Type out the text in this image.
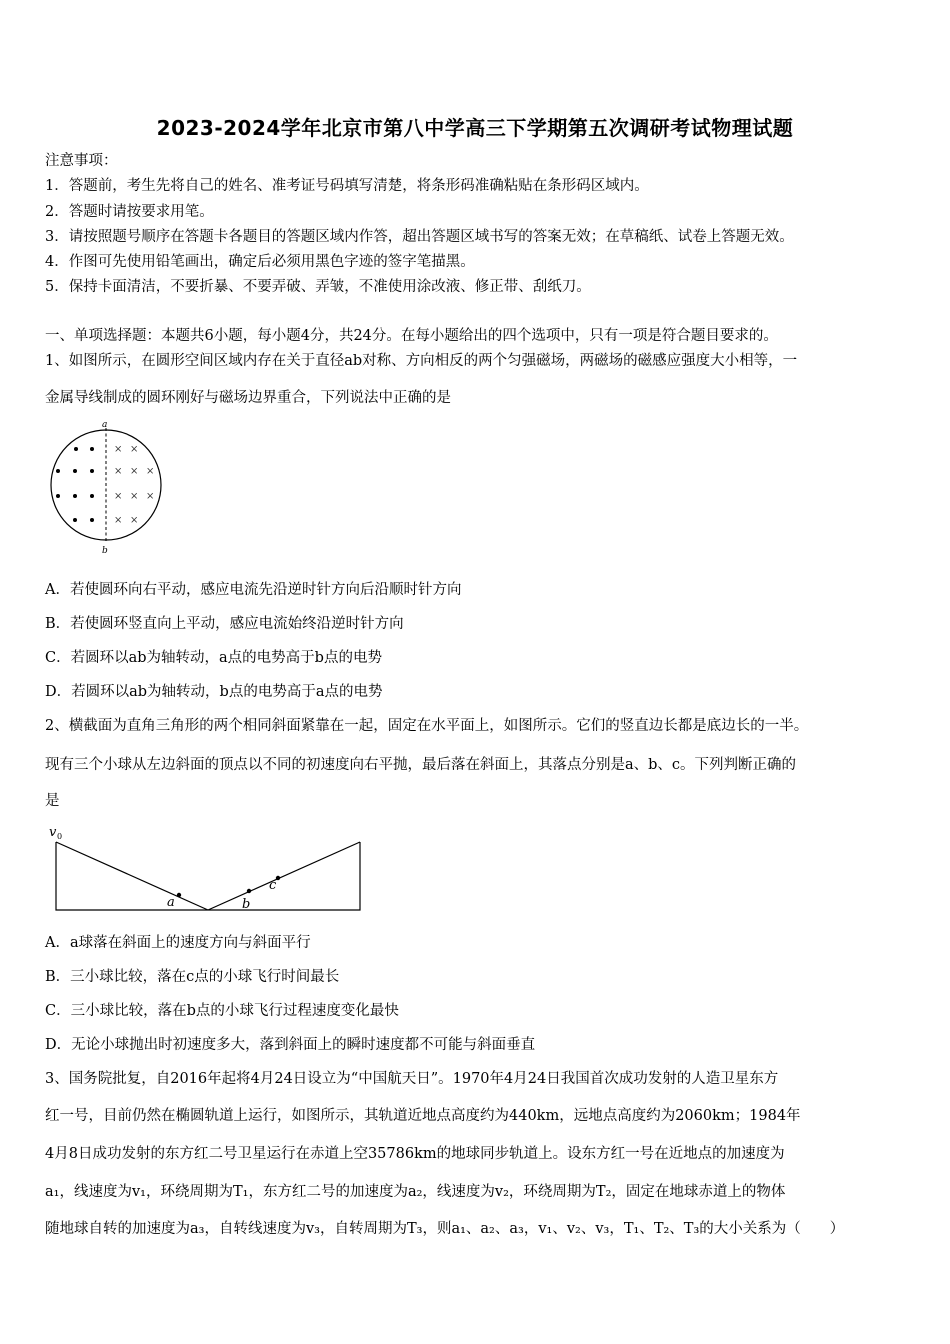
2023-2024学年北京市第八中学高三下学期第五次调研考试物理试题
注意事项：
1．答题前，考生先将自己的姓名、准考证号码填写清楚，将条形码准确粘贴在条形码区域内。
2．答题时请按要求用笔。
3．请按照题号顺序在答题卡各题目的答题区域内作答，超出答题区域书写的答案无效；在草稿纸、试卷上答题无效。
4．作图可先使用铅笔画出，确定后必须用黑色字迹的签字笔描黑。
5．保持卡面清洁，不要折暴、不要弄破、弄皱，不准使用涂改液、修正带、刮纸刀。
一、单项选择题：本题共6小题，每小题4分，共24分。在每小题给出的四个选项中，只有一项是符合题目要求的。
1、如图所示，在圆形空间区域内存在关于直径ab对称、方向相反的两个匀强磁场，两磁场的磁感应强度大小相等，一
金属导线制成的圆环刚好与磁场边界重合，下列说法中正确的是
a
b
× ×
× × ×
× × ×
× ×
A．若使圆环向右平动，感应电流先沿逆时针方向后沿顺时针方向
B．若使圆环竖直向上平动，感应电流始终沿逆时针方向
C．若圆环以ab为轴转动，a点的电势高于b点的电势
D．若圆环以ab为轴转动，b点的电势高于a点的电势
2、横截面为直角三角形的两个相同斜面紧靠在一起，固定在水平面上，如图所示。它们的竖直边长都是底边长的一半。
现有三个小球从左边斜面的顶点以不同的初速度向右平抛，最后落在斜面上，其落点分别是a、b、c。下列判断正确的
是
v 0
a	b
c
A．a球落在斜面上的速度方向与斜面平行
B．三小球比较，落在c点的小球飞行时间最长
C．三小球比较，落在b点的小球飞行过程速度变化最快
D．无论小球抛出时初速度多大，落到斜面上的瞬时速度都不可能与斜面垂直
3、国务院批复，自2016年起将4月24日设立为“中国航天日”。1970年4月24日我国首次成功发射的人造卫星东方
红一号，目前仍然在椭圆轨道上运行，如图所示，其轨道近地点高度约为440km，远地点高度约为2060km；1984年
4月8日成功发射的东方红二号卫星运行在赤道上空35786km的地球同步轨道上。设东方红一号在近地点的加速度为
a₁，线速度为v₁，环绕周期为T₁，东方红二号的加速度为a₂，线速度为v₂，环绕周期为T₂，固定在地球赤道上的物体
随地球自转的加速度为a₃，自转线速度为v₃，自转周期为T₃，则a₁、a₂、a₃，v₁、v₂、v₃，T₁、T₂、T₃的大小关系为（　　）
